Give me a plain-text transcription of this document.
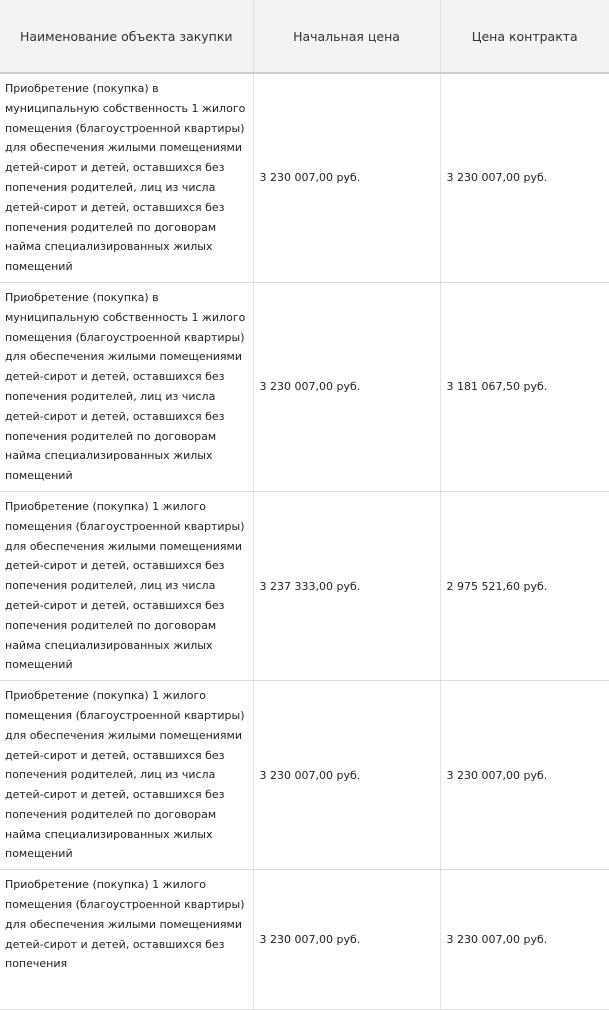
Наименование объекта закупки	Начальная цена	Цена контракта
Приобретение (покупка) в муниципальную собственность 1 жилого помещения (благоустроенной квартиры) для обеспечения жилыми помещениями детей-сирот и детей, оставшихся без попечения родителей, лиц из числа детей-сирот и детей, оставшихся без попечения родителей по договорам найма специализированных жилых помещений	3 230 007,00 руб.	3 230 007,00 руб.
Приобретение (покупка) в муниципальную собственность 1 жилого помещения (благоустроенной квартиры) для обеспечения жилыми помещениями детей-сирот и детей, оставшихся без попечения родителей, лиц из числа детей-сирот и детей, оставшихся без попечения родителей по договорам найма специализированных жилых помещений	3 230 007,00 руб.	3 181 067,50 руб.
Приобретение (покупка) 1 жилого помещения (благоустроенной квартиры) для обеспечения жилыми помещениями детей-сирот и детей, оставшихся без попечения родителей, лиц из числа детей-сирот и детей, оставшихся без попечения родителей по договорам найма специализированных жилых помещений	3 237 333,00 руб.	2 975 521,60 руб.
Приобретение (покупка) 1 жилого помещения (благоустроенной квартиры) для обеспечения жилыми помещениями детей-сирот и детей, оставшихся без попечения родителей, лиц из числа детей-сирот и детей, оставшихся без попечения родителей по договорам найма специализированных жилых помещений	3 230 007,00 руб.	3 230 007,00 руб.

Приобретение (покупка) 1 жилого помещения (благоустроенной квартиры) для обеспечения жилыми помещениями детей-сирот и детей, оставшихся без попечения	3 230 007,00 руб.	3 230 007,00 руб.
